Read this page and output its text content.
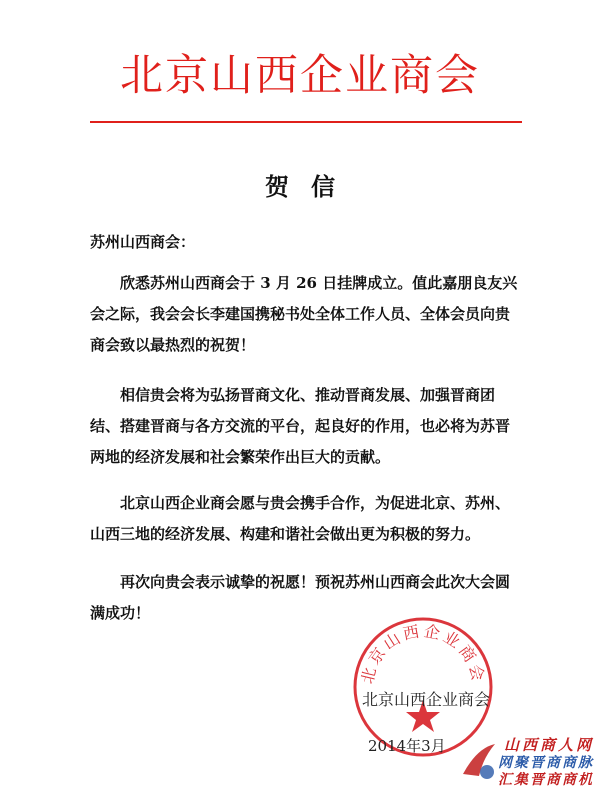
北京山西企业商会
贺信
苏州山西商会：

欣悉苏州山西商会于 3 月 26 日挂牌成立。值此嘉朋良友兴会之际，我会会长李建国携秘书处全体工作人员、全体会员向贵商会致以最热烈的祝贺！

相信贵会将为弘扬晋商文化、推动晋商发展、加强晋商团结、搭建晋商与各方交流的平台，起良好的作用，也必将为苏晋两地的经济发展和社会繁荣作出巨大的贡献。

北京山西企业商会愿与贵会携手合作，为促进北京、苏州、山西三地的经济发展、构建和谐社会做出更为积极的努力。

再次向贵会表示诚挚的祝愿！预祝苏州山西商会此次大会圆满成功！

北京山西企业商会
北京山西企业商会
2014年3月	山西商人网
网聚晋商商脉
汇集晋商商机
